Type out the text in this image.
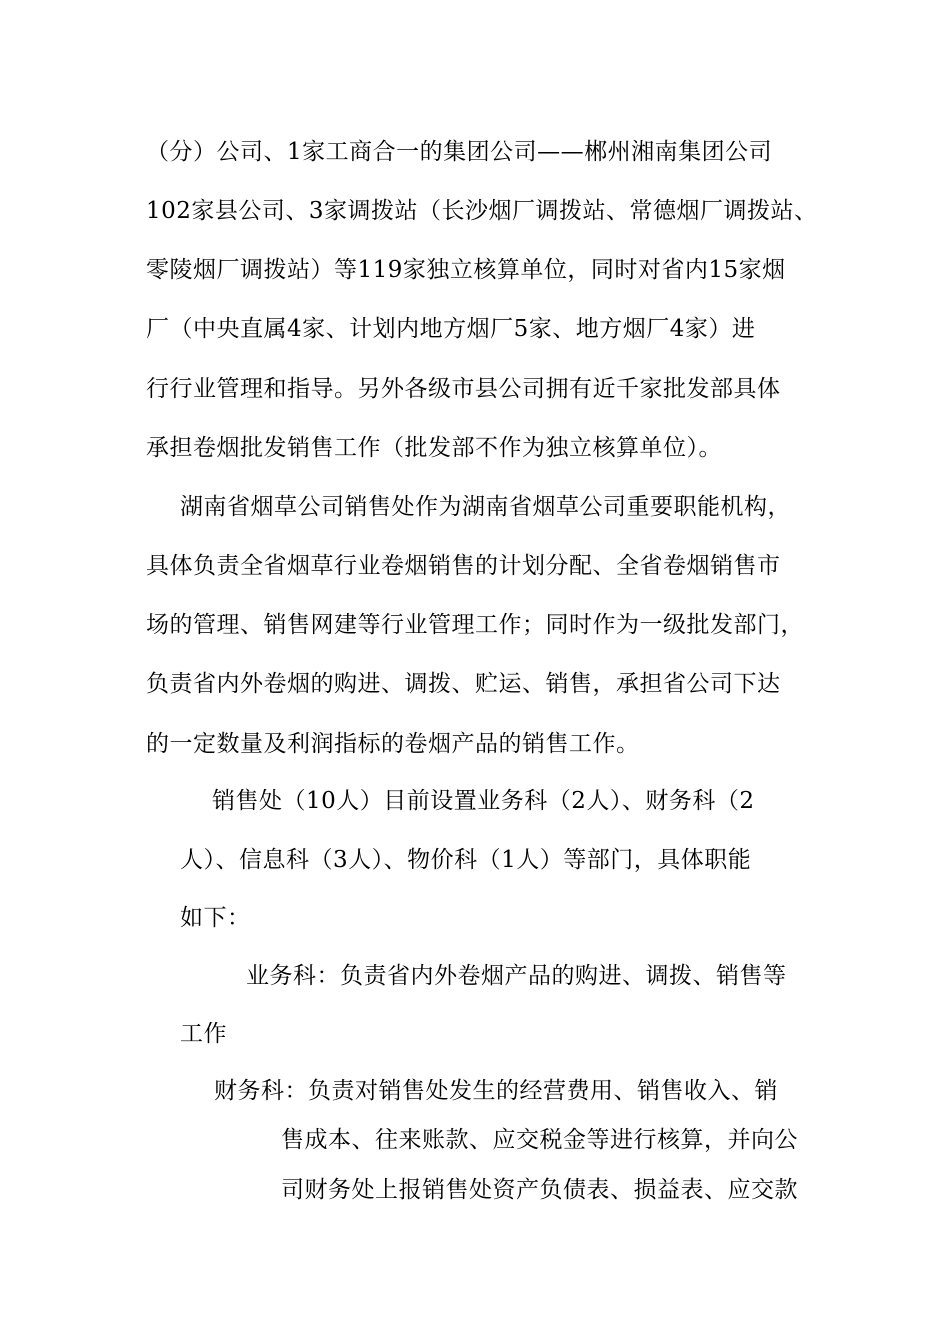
（分）公司、1家工商合一的集团公司——郴州湘南集团公司
102家县公司、3家调拨站（长沙烟厂调拨站、常德烟厂调拨站、
零陵烟厂调拨站）等119家独立核算单位，同时对省内15家烟
厂（中央直属4家、计划内地方烟厂5家、地方烟厂4家）进
行行业管理和指导。另外各级市县公司拥有近千家批发部具体
承担卷烟批发销售工作（批发部不作为独立核算单位）。
湖南省烟草公司销售处作为湖南省烟草公司重要职能机构，
具体负责全省烟草行业卷烟销售的计划分配、全省卷烟销售市
场的管理、销售网建等行业管理工作；同时作为一级批发部门，
负责省内外卷烟的购进、调拨、贮运、销售，承担省公司下达
的一定数量及利润指标的卷烟产品的销售工作。
销售处（10人）目前设置业务科（2人）、财务科（2
人）、信息科（3人）、物价科（1人）等部门，具体职能
如下：
业务科：负责省内外卷烟产品的购进、调拨、销售等
工作
财务科：负责对销售处发生的经营费用、销售收入、销
售成本、往来账款、应交税金等进行核算，并向公
司财务处上报销售处资产负债表、损益表、应交款
